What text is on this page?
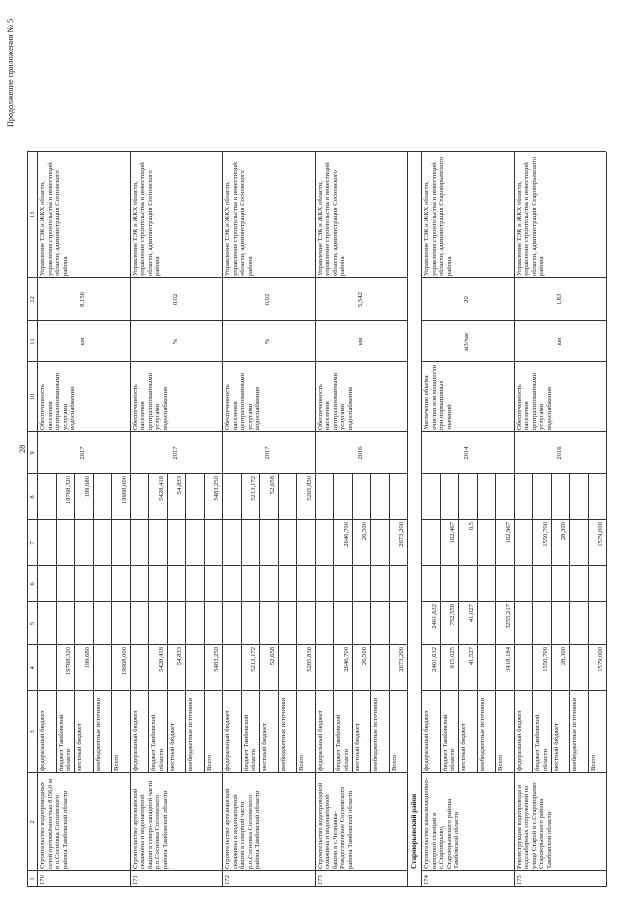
Продолжение приложения № 5
28
1
2
3
4
5
6
7
8
9
10
11
12
13
170
Строительство водопроводных сетей протяжённостью 8156,0 м в п.Сосновка Сосновского района Тамбовской области
федеральный бюджет бюджет Тамбовской области
19768,320
19768,320
местный бюджет
199,680
199,680
внебюджетные источники Всего
19968,000
19968,000
2017
Обеспеченность населения централизованными услугами водоснабжения
км
8,156
Управление ТЭК и ЖКХ области, управление строительства и инвестиций области, администрация Сосновского района
171
Строительство артезианской скважины и водонапорной башни в северо-западной части р.п.Сосновка Сосновского района Тамбовской области
федеральный бюджет бюджет Тамбовской области
5428,418
5428,418
местный бюджет
54,833
54,833
внебюджетные источники Всего
5483,250
5483,250
2017
Обеспеченность населения централизованными услугами водоснабжения
%
0,02
Управление ТЭК и ЖКХ области, управление строительства и инвестиций области, администрация Сосновского района
172
Строительство артезианской скважины и водонапорной башни в северной части р.п.Сосновка Сосновского района Тамбовской области
федеральный бюджет бюджет Тамбовской области
5213,172
5213,172
местный бюджет
52,658
52,658
внебюджетные источники Всего
5265,830
5265,830
2017
Обеспеченность населения централизованными услугами водоснабжения
%
0,02
Управление ТЭК и ЖКХ области, управление строительства и инвестиций области, администрация Сосновского района
173
Строительство водопроводной скважины и водонапорной башни в с.Челнавка-Рождественское Сосновского района Тамбовской области
федеральный бюджет бюджет Тамбовской области
2646,700
2646,700
местный бюджет
26,500
26,500
внебюджетные источники Всего
2673,200
2673,200
2016
Обеспеченность населения централизованными услугами водоснабжения
км
5,542
Управление ТЭК и ЖКХ области, управление строительства и инвестиций области, администрация Сосновского района
Староюрьевский район
174
Строительство канализационно-напорной станции в с.Староюрьево, Староюрьевского района Тамбовской области
федеральный бюджет
2461,632
2461,632
бюджет Тамбовской области
915,025
752,558
162,467
местный бюджет
41,527
41,027
0,5
внебюджетные источники Всего
3418,184
3255,217
162,967
2014
Увеличение объема очистки или мощности при нормативных значений
м3/час
20
Управление ТЭК и ЖКХ области, управление строительства и инвестиций области, администрация Староюрьевского района
175
Реконструкция водопровода и водозаборных сооружений по улице Старой в с.Староюрьево Староюрьевского района Тамбовской области
федеральный бюджет бюджет Тамбовской области
1550,700
1550,700
местный бюджет
28,300
28,300
внебюджетные источники Всего
1579,000
1579,000
2016
Обеспеченность населения централизованными услугами водоснабжения
км
1,83
Управление ТЭК и ЖКХ области, управление строительства и инвестиций области, администрация Староюрьевского района
